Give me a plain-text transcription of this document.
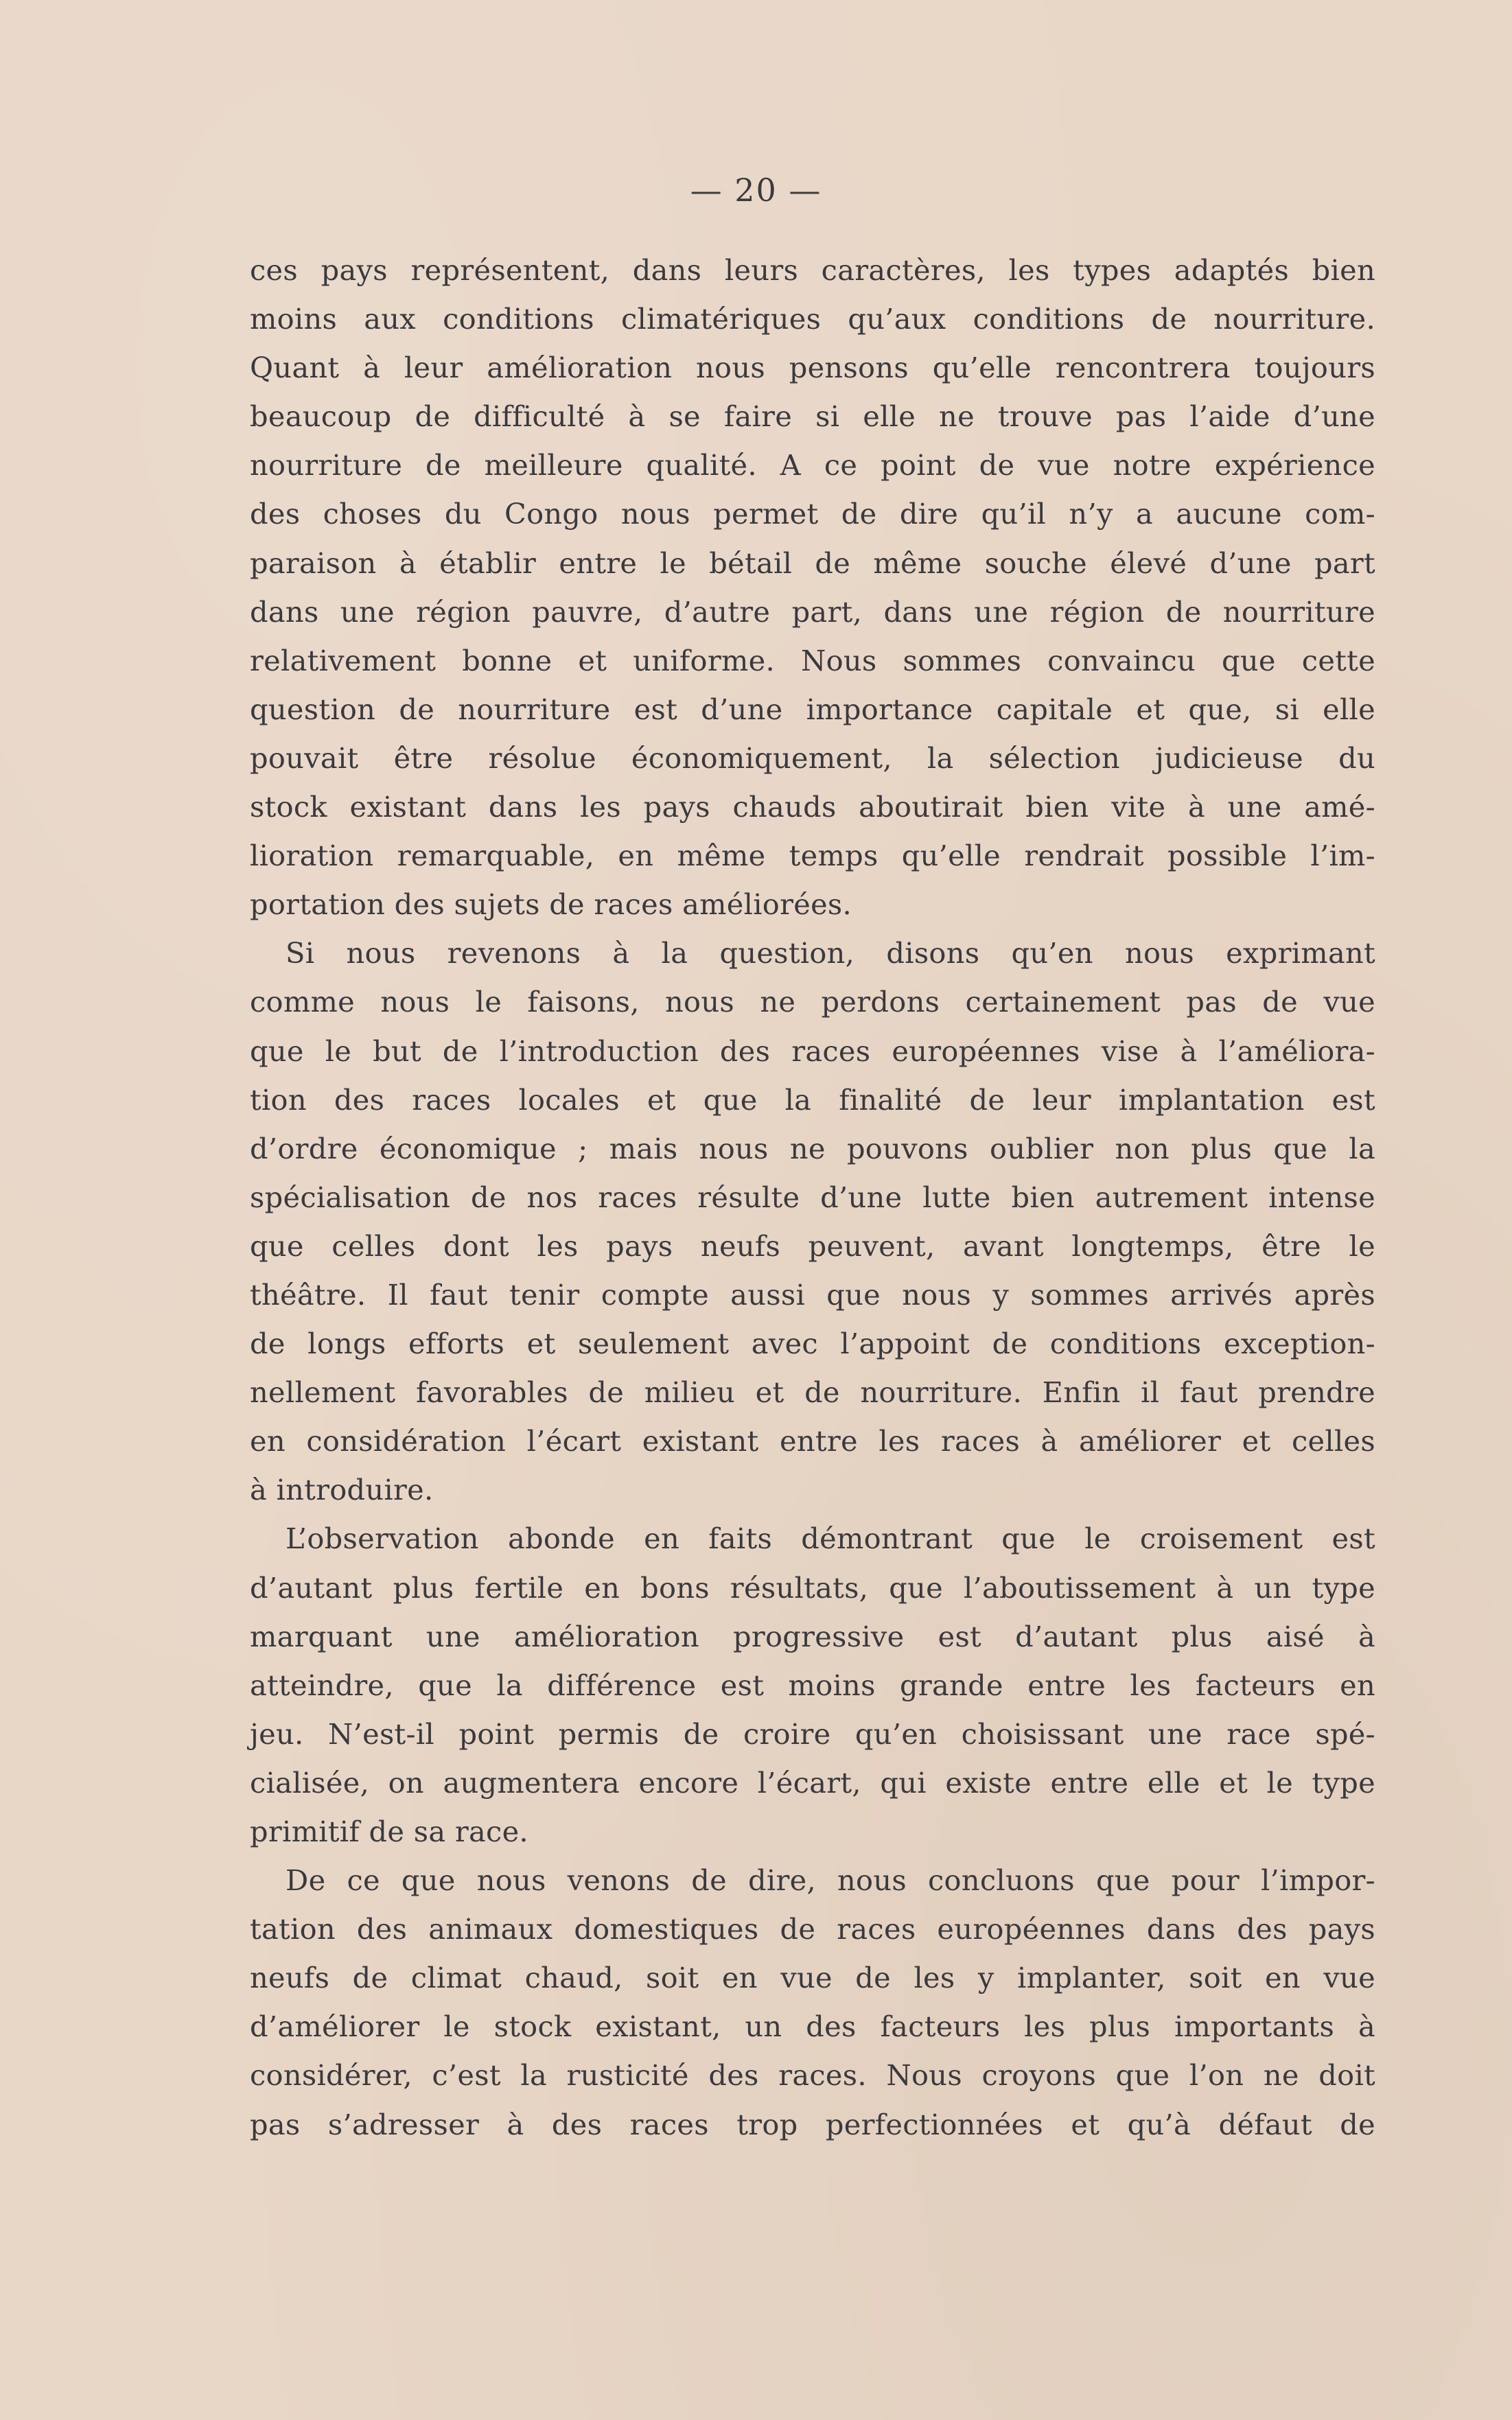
— 20 —
ces pays représentent, dans leurs caractères, les types adaptés bien
moins aux conditions climatériques qu’aux conditions de nourriture.
Quant à leur amélioration nous pensons qu’elle rencontrera toujours
beaucoup de difficulté à se faire si elle ne trouve pas l’aide d’une
nourriture de meilleure qualité. A ce point de vue notre expérience
des choses du Congo nous permet de dire qu’il n’y a aucune com-
paraison à établir entre le bétail de même souche élevé d’une part
dans une région pauvre, d’autre part, dans une région de nourriture
relativement bonne et uniforme. Nous sommes convaincu que cette
question de nourriture est d’une importance capitale et que, si elle
pouvait être résolue économiquement, la sélection judicieuse du
stock existant dans les pays chauds aboutirait bien vite à une amé-
lioration remarquable, en même temps qu’elle rendrait possible l’im-
portation des sujets de races améliorées.
Si nous revenons à la question, disons qu’en nous exprimant
comme nous le faisons, nous ne perdons certainement pas de vue
que le but de l’introduction des races européennes vise à l’améliora-
tion des races locales et que la finalité de leur implantation est
d’ordre économique ; mais nous ne pouvons oublier non plus que la
spécialisation de nos races résulte d’une lutte bien autrement intense
que celles dont les pays neufs peuvent, avant longtemps, être le
théâtre. Il faut tenir compte aussi que nous y sommes arrivés après
de longs efforts et seulement avec l’appoint de conditions exception-
nellement favorables de milieu et de nourriture. Enfin il faut prendre
en considération l’écart existant entre les races à améliorer et celles
à introduire.
L’observation abonde en faits démontrant que le croisement est
d’autant plus fertile en bons résultats, que l’aboutissement à un type
marquant une amélioration progressive est d’autant plus aisé à
atteindre, que la différence est moins grande entre les facteurs en
jeu. N’est-il point permis de croire qu’en choisissant une race spé-
cialisée, on augmentera encore l’écart, qui existe entre elle et le type
primitif de sa race.
De ce que nous venons de dire, nous concluons que pour l’impor-
tation des animaux domestiques de races européennes dans des pays
neufs de climat chaud, soit en vue de les y implanter, soit en vue
d’améliorer le stock existant, un des facteurs les plus importants à
considérer, c’est la rusticité des races. Nous croyons que l’on ne doit
pas s’adresser à des races trop perfectionnées et qu’à défaut de
